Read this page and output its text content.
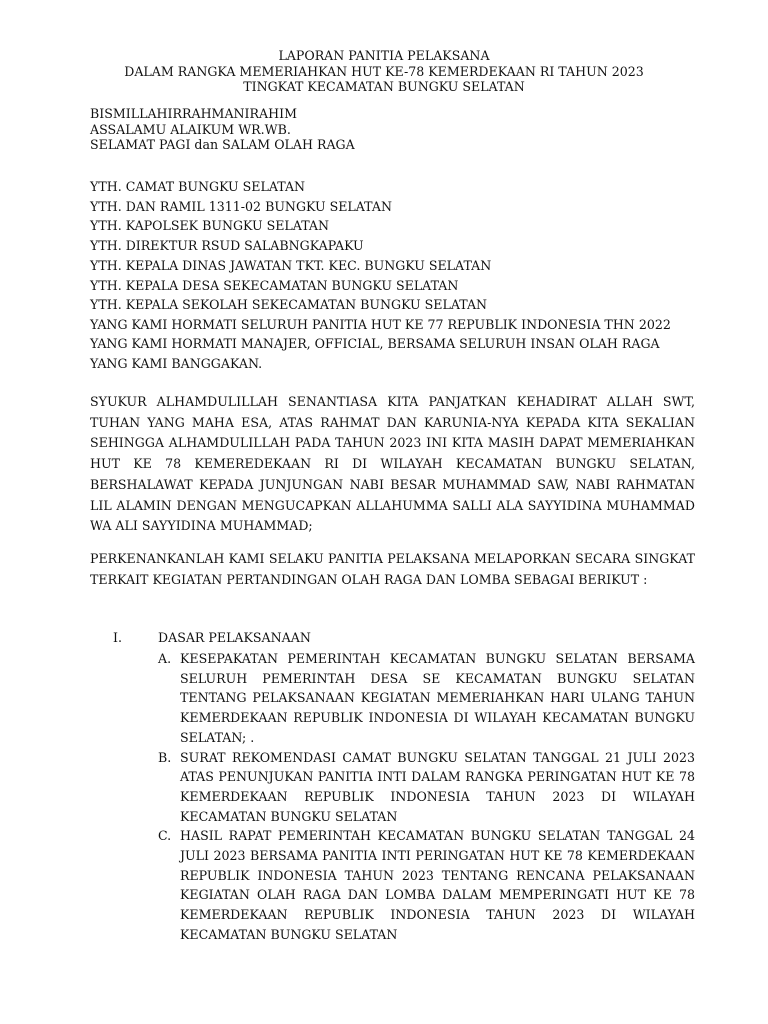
LAPORAN PANITIA PELAKSANA
DALAM RANGKA MEMERIAHKAN HUT KE-78 KEMERDEKAAN RI TAHUN 2023
TINGKAT KECAMATAN BUNGKU SELATAN
BISMILLAHIRRAHMANIRAHIM
ASSALAMU ALAIKUM WR.WB.
SELAMAT PAGI dan SALAM OLAH RAGA
YTH. CAMAT BUNGKU SELATAN
YTH. DAN RAMIL 1311-02 BUNGKU SELATAN
YTH. KAPOLSEK BUNGKU SELATAN
YTH. DIREKTUR RSUD SALABNGKAPAKU
YTH. KEPALA DINAS JAWATAN TKT. KEC. BUNGKU SELATAN
YTH. KEPALA DESA SEKECAMATAN BUNGKU SELATAN
YTH. KEPALA SEKOLAH SEKECAMATAN BUNGKU SELATAN
YANG KAMI HORMATI SELURUH PANITIA HUT KE 77 REPUBLIK INDONESIA THN 2022
YANG KAMI HORMATI MANAJER, OFFICIAL, BERSAMA SELURUH INSAN OLAH RAGA
YANG KAMI BANGGAKAN.
SYUKUR ALHAMDULILLAH SENANTIASA KITA PANJATKAN KEHADIRAT ALLAH SWT, TUHAN YANG MAHA ESA, ATAS RAHMAT DAN KARUNIA-NYA KEPADA KITA SEKALIAN SEHINGGA ALHAMDULILLAH PADA TAHUN 2023 INI KITA MASIH DAPAT MEMERIAHKAN HUT KE 78 KEMEREDEKAAN RI DI WILAYAH KECAMATAN BUNGKU SELATAN, BERSHALAWAT KEPADA JUNJUNGAN NABI BESAR MUHAMMAD SAW, NABI RAHMATAN LIL ALAMIN DENGAN MENGUCAPKAN ALLAHUMMA SALLI ALA SAYYIDINA MUHAMMAD WA ALI SAYYIDINA MUHAMMAD;
PERKENANKANLAH KAMI SELAKU PANITIA PELAKSANA MELAPORKAN SECARA SINGKAT TERKAIT KEGIATAN PERTANDINGAN OLAH RAGA DAN LOMBA SEBAGAI BERIKUT :
I.	DASAR PELAKSANAAN
A. KESEPAKATAN PEMERINTAH KECAMATAN BUNGKU SELATAN BERSAMA SELURUH PEMERINTAH DESA SE KECAMATAN BUNGKU SELATAN TENTANG PELAKSANAAN KEGIATAN MEMERIAHKAN HARI ULANG TAHUN KEMERDEKAAN REPUBLIK INDONESIA DI WILAYAH KECAMATAN BUNGKU SELATAN; .
B. SURAT REKOMENDASI CAMAT BUNGKU SELATAN TANGGAL 21 JULI 2023 ATAS PENUNJUKAN PANITIA INTI DALAM RANGKA PERINGATAN HUT KE 78 KEMERDEKAAN REPUBLIK INDONESIA TAHUN 2023 DI WILAYAH KECAMATAN BUNGKU SELATAN
C. HASIL RAPAT PEMERINTAH KECAMATAN BUNGKU SELATAN TANGGAL 24 JULI 2023 BERSAMA PANITIA INTI PERINGATAN HUT KE 78 KEMERDEKAAN REPUBLIK INDONESIA TAHUN 2023 TENTANG RENCANA PELAKSANAAN KEGIATAN OLAH RAGA DAN LOMBA DALAM MEMPERINGATI HUT KE 78 KEMERDEKAAN REPUBLIK INDONESIA TAHUN 2023 DI WILAYAH KECAMATAN BUNGKU SELATAN
